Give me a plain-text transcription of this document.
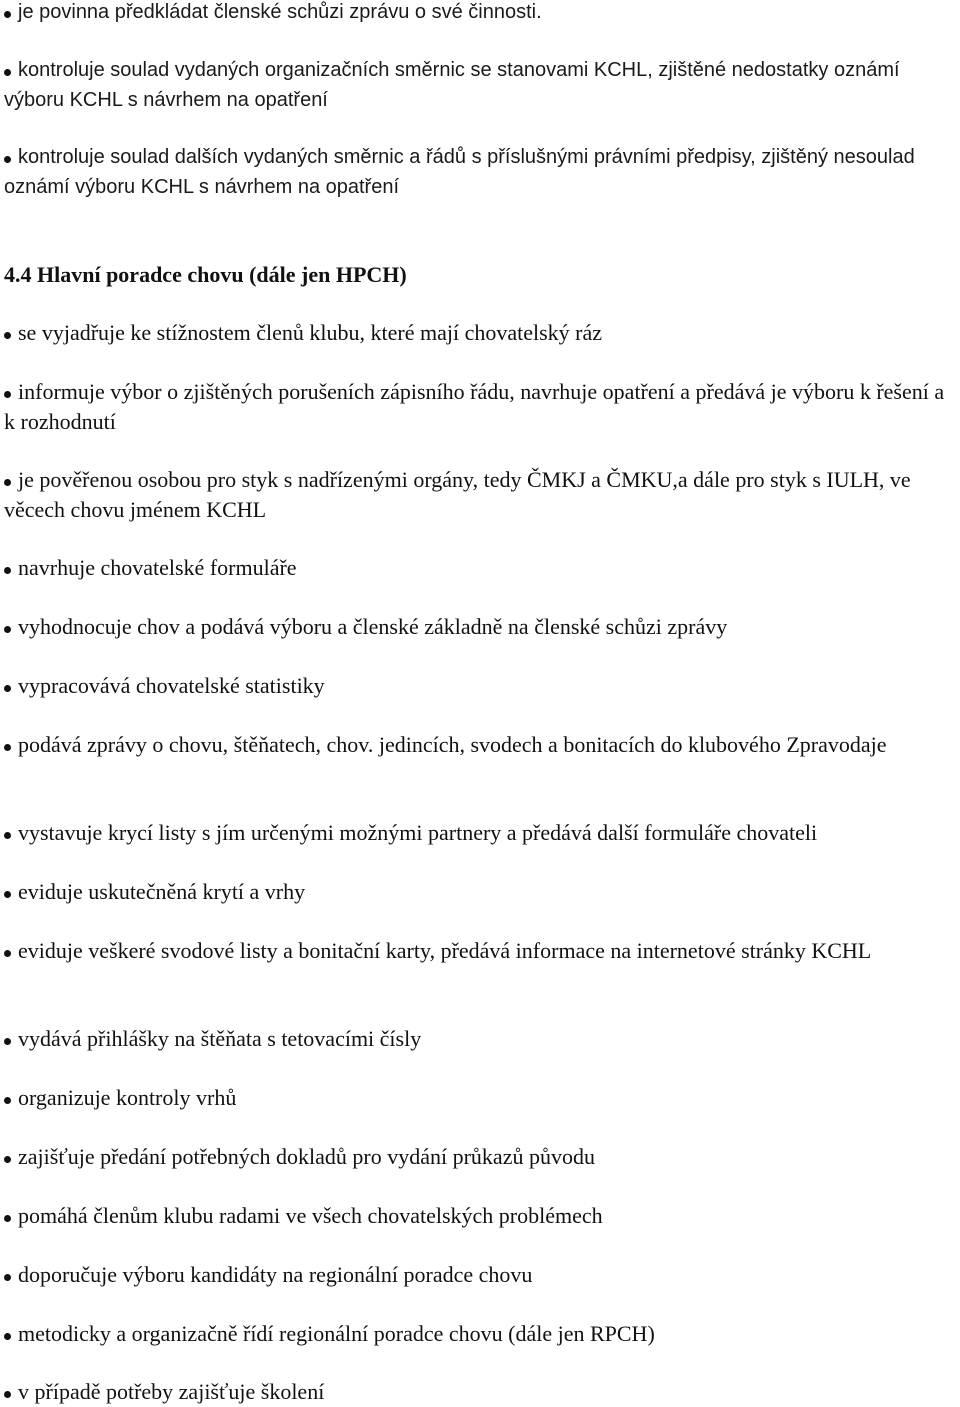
je povinna předkládat členské schůzi zprávu o své činnosti.

kontroluje soulad vydaných organizačních směrnic se stanovami KCHL, zjištěné nedostatky oznámí výboru KCHL s návrhem na opatření

kontroluje soulad dalších vydaných směrnic a řádů s příslušnými právními předpisy, zjištěný nesoulad oznámí výboru KCHL s návrhem na opatření

4.4 Hlavní poradce chovu (dále jen HPCH)

se vyjadřuje ke stížnostem členů klubu, které mají chovatelský ráz

informuje výbor o zjištěných porušeních zápisního řádu, navrhuje opatření a předává je výboru k řešení a k rozhodnutí

je pověřenou osobou pro styk s nadřízenými orgány, tedy ČMKJ a ČMKU,a dále pro styk s IULH, ve věcech chovu jménem KCHL

navrhuje chovatelské formuláře

vyhodnocuje chov a podává výboru a členské základně na členské schůzi zprávy

vypracovává chovatelské statistiky

podává zprávy o chovu, štěňatech, chov. jedincích, svodech a bonitacích do klubového Zpravodaje

vystavuje krycí listy s jím určenými možnými partnery a předává další formuláře chovateli

eviduje uskutečněná krytí a vrhy

eviduje veškeré svodové listy a bonitační karty, předává informace na internetové stránky KCHL

vydává přihlášky na štěňata s tetovacími čísly

organizuje kontroly vrhů

zajišťuje předání potřebných dokladů pro vydání průkazů původu

pomáhá členům klubu radami ve všech chovatelských problémech

doporučuje výboru kandidáty na regionální poradce chovu

metodicky a organizačně řídí regionální poradce chovu (dále jen RPCH)

v případě potřeby zajišťuje školení
